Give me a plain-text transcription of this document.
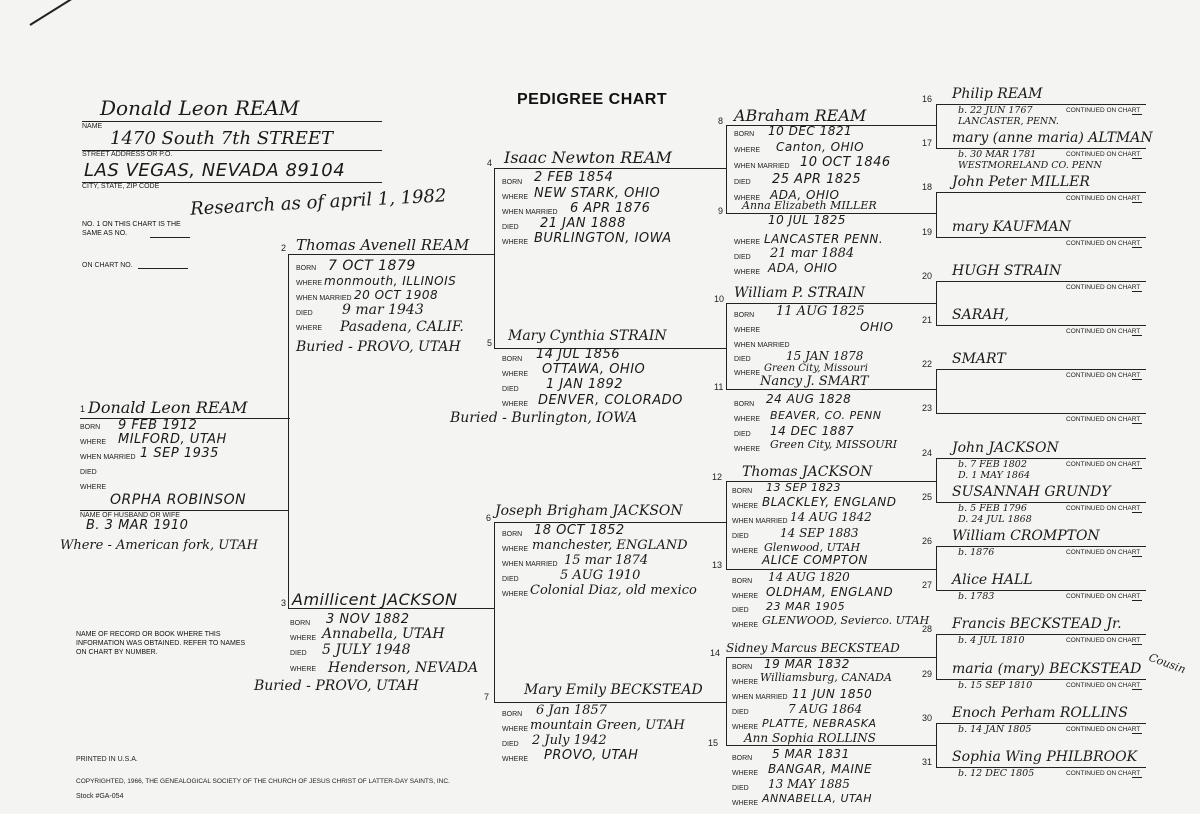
PEDIGREE CHART
Donald Leon REAM
NAME
1470 South 7th STREET
STREET ADDRESS OR P.O.
LAS VEGAS, NEVADA 89104
CITY, STATE, ZIP CODE Research as of april 1, 1982
NO. 1 ON THIS CHART IS THE SAME AS NO.
ON CHART NO.
1 Donald Leon REAM
BORN 9 FEB 1912
WHERE MILFORD, UTAH
WHEN MARRIED 1 SEP 1935
DIED
WHERE
ORPHA ROBINSON
NAME OF HUSBAND OR WIFE
B. 3 MAR 1910
Where - American fork, UTAH
NAME OF RECORD OR BOOK WHERE THIS INFORMATION WAS OBTAINED. REFER TO NAMES ON CHART BY NUMBER.
PRINTED IN U.S.A.
COPYRIGHTED, 1966, THE GENEALOGICAL SOCIETY OF THE CHURCH OF JESUS CHRIST OF LATTER-DAY SAINTS, INC.
Stock #GA-054
2 Thomas Avenell REAM
BORN 7 OCT 1879
WHERE monmouth, ILLINOIS
WHEN MARRIED 20 OCT 1908
DIED 9 mar 1943
WHERE Pasadena, CALIF.
Buried - PROVO, UTAH
3 Amillicent JACKSON
BORN 3 NOV 1882
WHERE Annabella, UTAH
DIED 5 JULY 1948
WHERE Henderson, NEVADA
Buried - PROVO, UTAH
4 Isaac Newton REAM
BORN 2 FEB 1854
WHERE NEW STARK, OHIO
WHEN MARRIED 6 APR 1876
DIED 21 JAN 1888
WHERE BURLINGTON, IOWA
5 Mary Cynthia STRAIN
BORN 14 JUL 1856
WHERE OTTAWA, OHIO
DIED 1 JAN 1892
WHERE DENVER, COLORADO
Buried - Burlington, IOWA
6 Joseph Brigham JACKSON
BORN 18 OCT 1852
WHERE manchester, ENGLAND
WHEN MARRIED 15 mar 1874
DIED	5 AUG 1910
WHERE Colonial Diaz, old mexico
7 Mary Emily BECKSTEAD
BORN 6 Jan 1857
WHERE mountain Green, UTAH
DIED 2 July 1942
WHERE PROVO, UTAH
8 ABraham REAM
BORN 10 DEC 1821
WHERE Canton, OHIO
WHEN MARRIED 10 OCT 1846
DIED 25 APR 1825
WHERE ADA, OHIO
9 Anna Elizabeth MILLER
10 JUL 1825
WHERE LANCASTER PENN.
DIED 21 mar 1884
WHERE ADA, OHIO
10 William P. STRAIN
BORN 11 AUG 1825
WHERE	OHIO
WHEN MARRIED
DIED	15 JAN 1878
WHERE Green City, Missouri
11	Nancy J. SMART
BORN 24 AUG 1828
WHERE BEAVER, CO. PENN
DIED 14 DEC 1887
WHERE Green City, MISSOURI
12 Thomas JACKSON
BORN 13 SEP 1823
WHERE BLACKLEY, ENGLAND
WHEN MARRIED 14 AUG 1842
DIED	14 SEP 1883
WHERE Glenwood, UTAH
13	ALICE COMPTON
BORN 14 AUG 1820
WHERE OLDHAM, ENGLAND
DIED 23 MAR 1905
WHERE GLENWOOD, Sevierco. UTAH
14 Sidney Marcus BECKSTEAD
BORN 19 MAR 1832
WHERE Williamsburg, CANADA
WHEN MARRIED 11 JUN 1850
DIED	7 AUG 1864
WHERE PLATTE, NEBRASKA
15 Ann Sophia ROLLINS
BORN 5 MAR 1831
WHERE BANGAR, MAINE
DIED 13 MAY 1885
WHERE ANNABELLA, UTAH
16 Philip REAM
b. 22 JUN 1767
LANCASTER, PENN.
CONTINUED ON CHART
17 mary (anne maria) ALTMAN
b. 30 MAR 1781
WESTMORELAND CO. PENN
CONTINUED ON CHART
18 John Peter MILLER
CONTINUED ON CHART
19 mary KAUFMAN
CONTINUED ON CHART
20 HUGH STRAIN
CONTINUED ON CHART
21 SARAH,
CONTINUED ON CHART
22 SMART
CONTINUED ON CHART
23
CONTINUED ON CHART
24 John JACKSON
b. 7 FEB 1802
D. 1 MAY 1864
CONTINUED ON CHART
25 SUSANNAH GRUNDY
b. 5 FEB 1796
D. 24 JUL 1868
CONTINUED ON CHART
26 William CROMPTON
b. 1876	CONTINUED ON CHART
27 Alice HALL
b. 1783	CONTINUED ON CHART
28 Francis BECKSTEAD Jr.
b. 4 JUL 1810	CONTINUED ON CHART
29 maria (mary) BECKSTEAD
b. 15 SEP 1810
Cousin
CONTINUED ON CHART
30 Enoch Perham ROLLINS
b. 14 JAN 1805	CONTINUED ON CHART
31 Sophia Wing PHILBROOK
b. 12 DEC 1805	CONTINUED ON CHART
